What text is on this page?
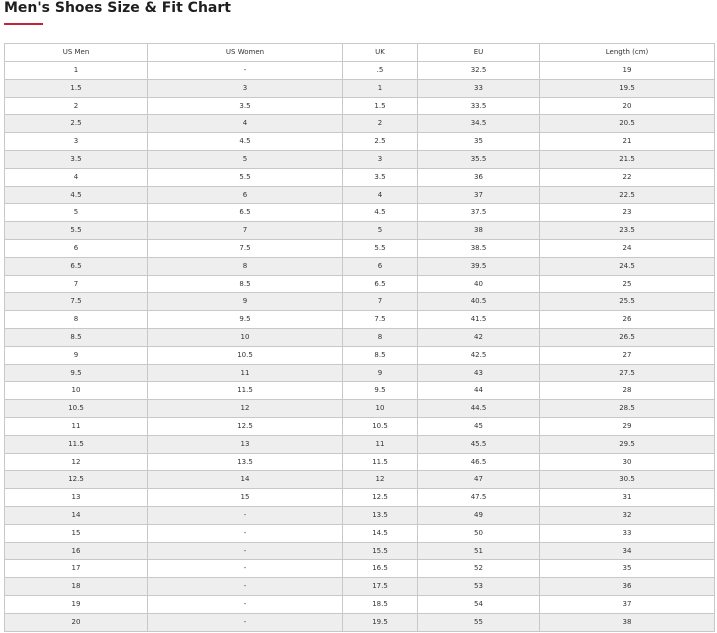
Men's Shoes Size & Fit Chart
US Men	US Women	UK	EU	Length (cm)
1	-	.5	32.5	19
1.5	3	1	33	19.5
2	3.5	1.5	33.5	20
2.5	4	2	34.5	20.5
3	4.5	2.5	35	21
3.5	5	3	35.5	21.5
4	5.5	3.5	36	22
4.5	6	4	37	22.5
5	6.5	4.5	37.5	23
5.5	7	5	38	23.5
6	7.5	5.5	38.5	24
6.5	8	6	39.5	24.5
7	8.5	6.5	40	25
7.5	9	7	40.5	25.5
8	9.5	7.5	41.5	26
8.5	10	8	42	26.5
9	10.5	8.5	42.5	27
9.5	11	9	43	27.5
10	11.5	9.5	44	28
10.5	12	10	44.5	28.5
11	12.5	10.5	45	29
11.5	13	11	45.5	29.5
12	13.5	11.5	46.5	30
12.5	14	12	47	30.5
13	15	12.5	47.5	31
14	-	13.5	49	32
15	-	14.5	50	33
16	-	15.5	51	34
17	-	16.5	52	35
18	-	17.5	53	36
19	-	18.5	54	37
20	-	19.5	55	38
